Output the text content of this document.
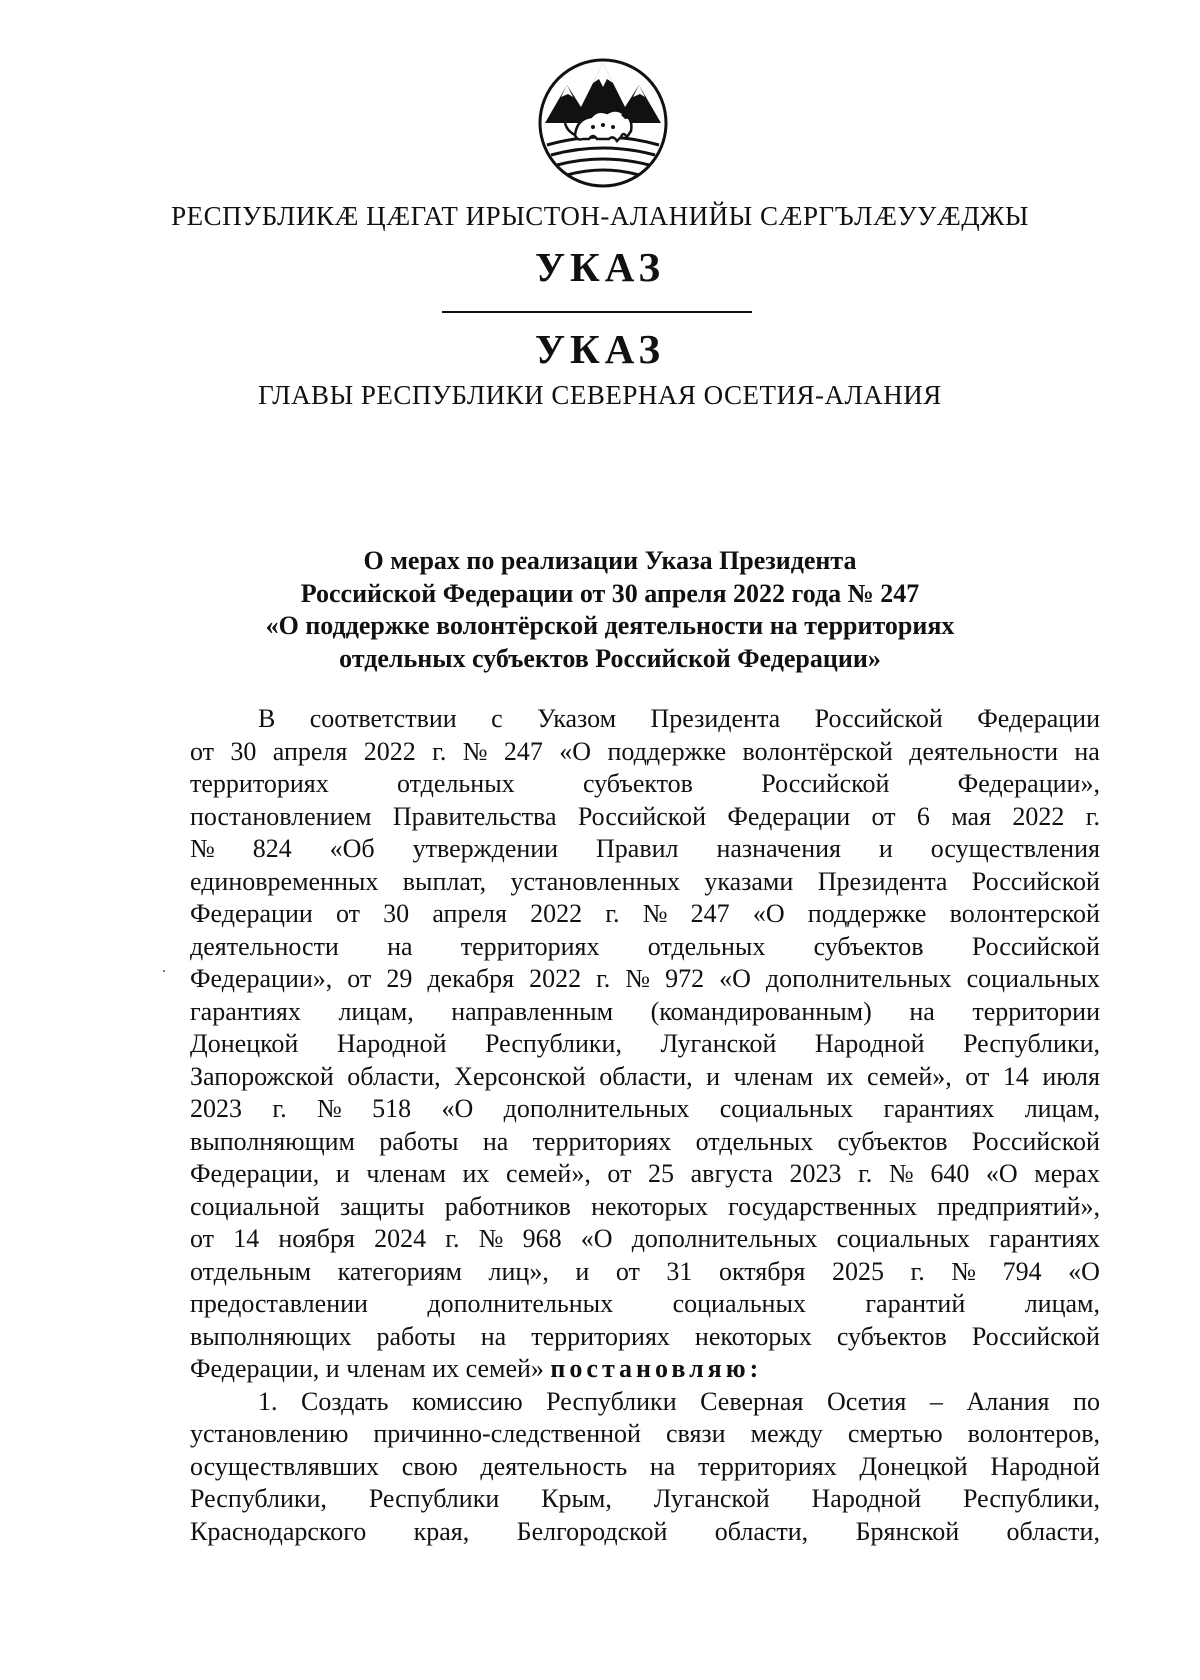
РЕСПУБЛИКӔ ЦӔГАТ ИРЫСТОН-АЛАНИЙЫ СӔРГЪЛӔУУӔДЖЫ
УКАЗ
УКАЗ
ГЛАВЫ РЕСПУБЛИКИ СЕВЕРНАЯ ОСЕТИЯ-АЛАНИЯ
О мерах по реализации Указа Президента
Российской Федерации от 30 апреля 2022 года № 247
«О поддержке волонтёрской деятельности на территориях
отдельных субъектов Российской Федерации»
В соответствии с Указом Президента Российской Федерации
от 30 апреля 2022 г. № 247 «О поддержке волонтёрской деятельности на
территориях	отдельных	субъектов	Российской	Федерации»,
постановлением Правительства Российской Федерации от 6 мая 2022 г.
№ 824 «Об утверждении Правил назначения и осуществления
единовременных выплат, установленных указами Президента Российской
Федерации от 30 апреля 2022 г. № 247 «О поддержке волонтерской
деятельности на территориях отдельных субъектов Российской
Федерации», от 29 декабря 2022 г. № 972 «О дополнительных социальных
гарантиях лицам, направленным (командированным) на территории
Донецкой Народной Республики, Луганской Народной Республики,
Запорожской области, Херсонской области, и членам их семей», от 14 июля
2023 г. № 518 «О дополнительных социальных гарантиях лицам,
выполняющим работы на территориях отдельных субъектов Российской
Федерации, и членам их семей», от 25 августа 2023 г. № 640 «О мерах
социальной защиты работников некоторых государственных предприятий»,
от 14 ноября 2024 г. № 968 «О дополнительных социальных гарантиях
отдельным категориям лиц», и от 31 октября 2025 г. № 794 «О
предоставлении дополнительных социальных гарантий лицам,
выполняющих работы на территориях некоторых субъектов Российской
Федерации, и членам их семей» постановляю:
1. Создать комиссию Республики Северная Осетия – Алания по
установлению причинно-следственной связи между смертью волонтеров,
осуществлявших свою деятельность на территориях Донецкой Народной
Республики, Республики Крым, Луганской Народной Республики,
Краснодарского края, Белгородской области, Брянской области,
